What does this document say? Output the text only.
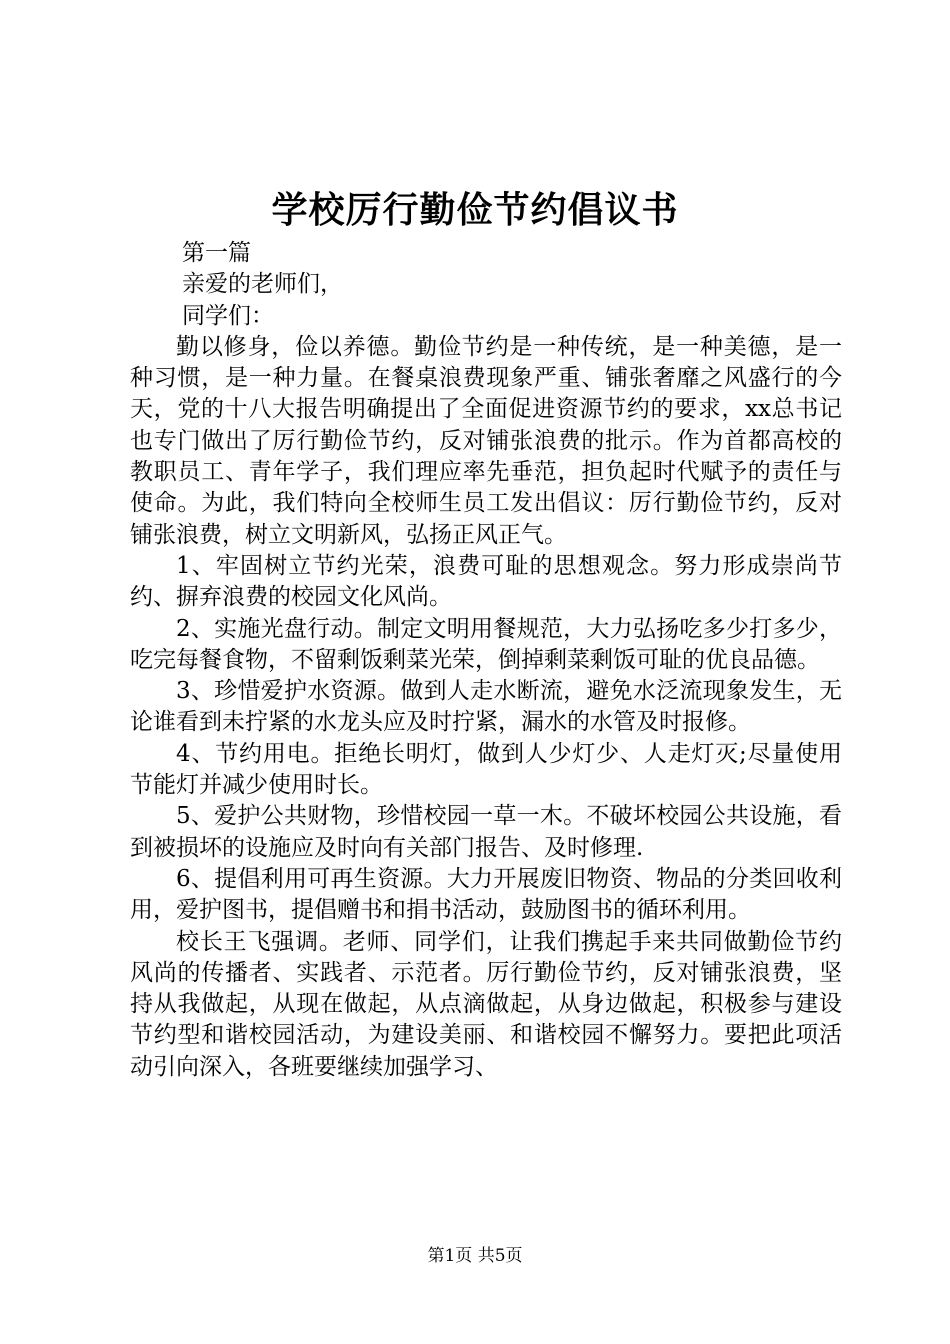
学校厉行勤俭节约倡议书
第一篇
亲爱的老师们，
同学们：

勤以修身，俭以养德。勤俭节约是一种传统，是一种美德，是一种习惯，是一种力量。在餐桌浪费现象严重、铺张奢靡之风盛行的今天，党的十八大报告明确提出了全面促进资源节约的要求，xx总书记也专门做出了厉行勤俭节约，反对铺张浪费的批示。作为首都高校的教职员工、青年学子，我们理应率先垂范，担负起时代赋予的责任与使命。为此，我们特向全校师生员工发出倡议：厉行勤俭节约，反对铺张浪费，树立文明新风，弘扬正风正气。

1、牢固树立节约光荣，浪费可耻的思想观念。努力形成崇尚节约、摒弃浪费的校园文化风尚。

2、实施光盘行动。制定文明用餐规范，大力弘扬吃多少打多少，吃完每餐食物，不留剩饭剩菜光荣，倒掉剩菜剩饭可耻的优良品德。

3、珍惜爱护水资源。做到人走水断流，避免水泛流现象发生，无论谁看到未拧紧的水龙头应及时拧紧，漏水的水管及时报修。

4、节约用电。拒绝长明灯，做到人少灯少、人走灯灭;尽量使用节能灯并减少使用时长。

5、爱护公共财物，珍惜校园一草一木。不破坏校园公共设施，看到被损坏的设施应及时向有关部门报告、及时修理.

6、提倡利用可再生资源。大力开展废旧物资、物品的分类回收利用，爱护图书，提倡赠书和捐书活动，鼓励图书的循环利用。

校长王飞强调。老师、同学们，让我们携起手来共同做勤俭节约风尚的传播者、实践者、示范者。厉行勤俭节约，反对铺张浪费，坚持从我做起，从现在做起，从点滴做起，从身边做起，积极参与建设节约型和谐校园活动，为建设美丽、和谐校园不懈努力。要把此项活动引向深入，各班要继续加强学习、

第1页 共5页
